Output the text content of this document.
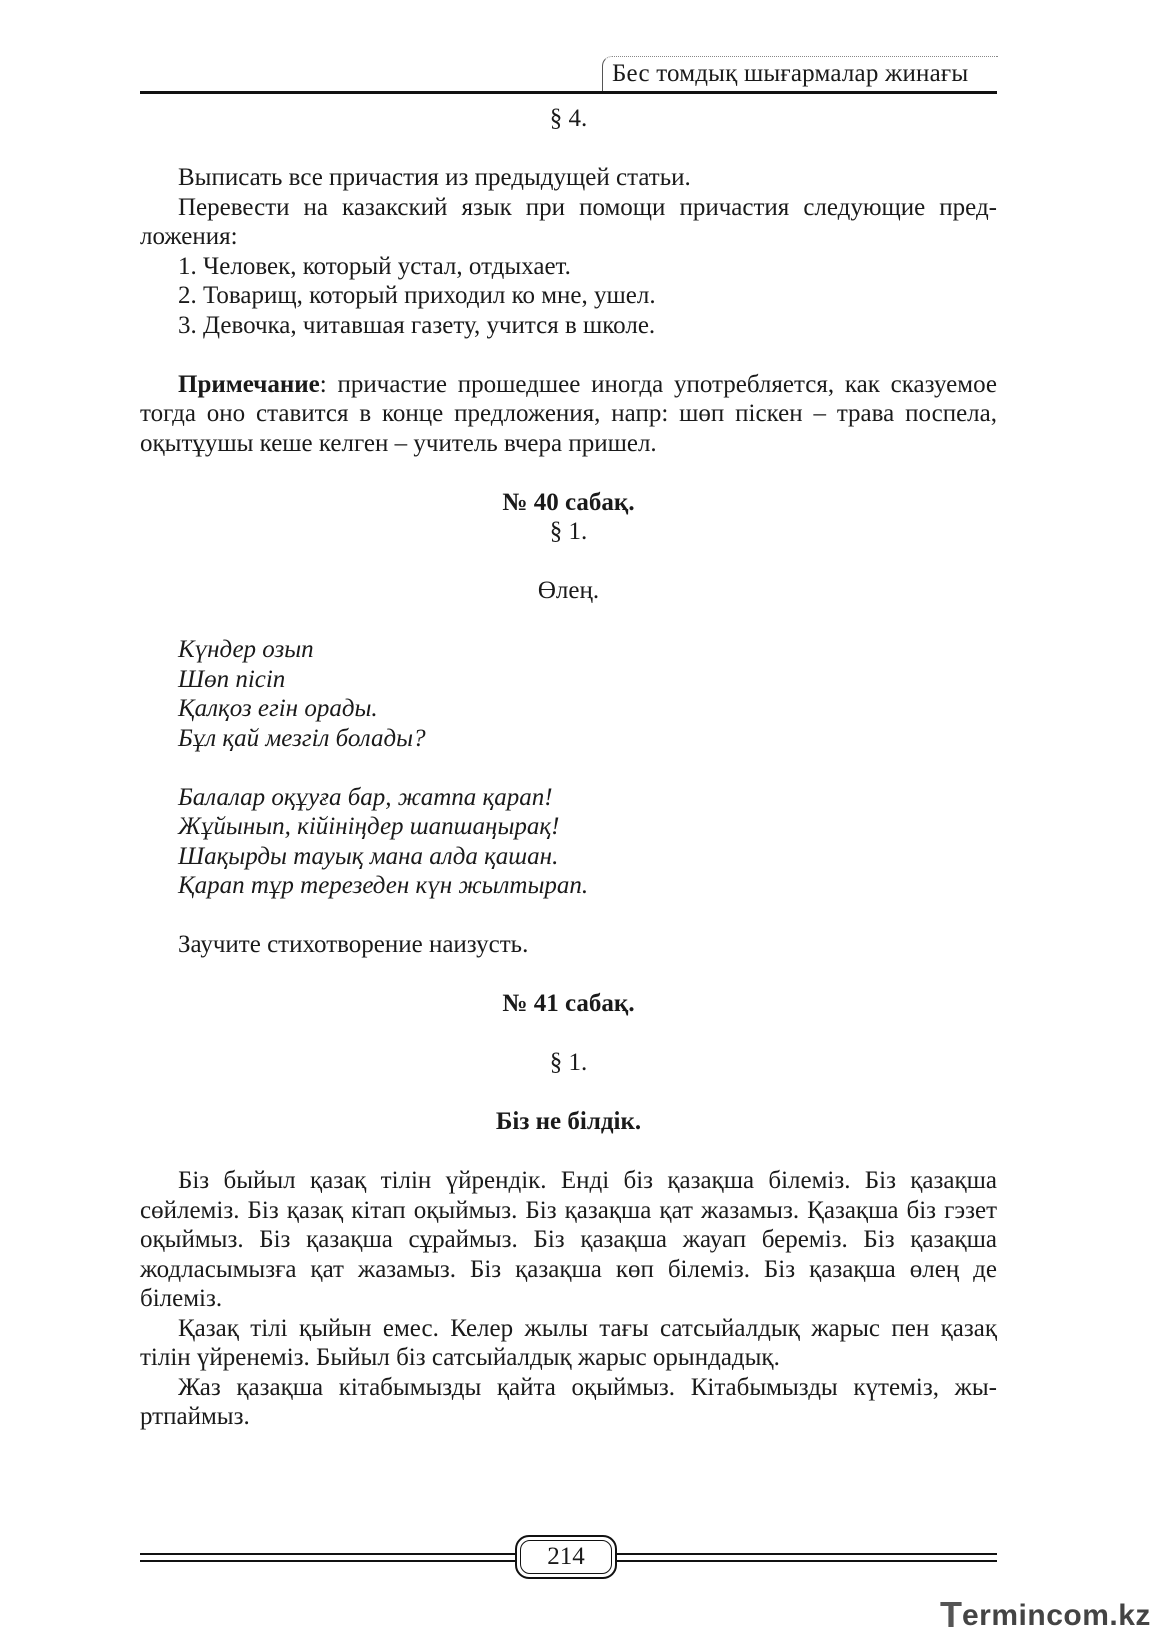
Бес томдық шығармалар жинағы
§ 4.

Выписать все причастия из предыдущей статьи.

Перевести на казакский язык при помощи причастия следующие предложения:

1. Человек, который устал, отдыхает.

2. Товарищ, который приходил ко мне, ушел.

3. Девочка, читавшая газету, учится в школе.

Примечание: причастие прошедшее иногда употребляется, как сказуемое тогда оно ставится в конце предложения, напр: шөп піскен – трава поспела, оқытұушы кеше келген – учитель вчера пришел.

№ 40 сабақ.
§ 1.
Өлең.
Күндер озып
Шөп пісіп
Қалқоз егін орады.
Бұл қай мезгіл болады?
Балалар оқұуға бар, жатпа қарап!
Жұйынып, кійініңдер шапшаңырақ!
Шақырды тауық мана алда қашан.
Қарап тұр терезеден күн жылтырап.

Заучите стихотворение наизусть.

№ 41 сабақ.
§ 1.
Біз не білдік.

Біз быйыл қазақ тілін үйрендік. Енді біз қазақша білеміз. Біз қазақша сөйлеміз. Біз қазақ кітап оқыймыз. Біз қазақша қат жазамыз. Қазақша біз гэзет оқыймыз. Біз қазақша сұраймыз. Біз қазақша жауап береміз. Біз қазақша жодласымызға қат жазамыз. Біз қазақша көп білеміз. Біз қазақша өлең де білеміз.

Қазақ тілі қыйын емес. Келер жылы тағы сатсыйалдық жарыс пен қазақ тілін үйренеміз. Быйыл біз сатсыйалдық жарыс орындадық.

Жаз қазақша кітабымызды қайта оқыймыз. Кітабымызды күтеміз, жыртпаймыз.

214
Termincom.kz
